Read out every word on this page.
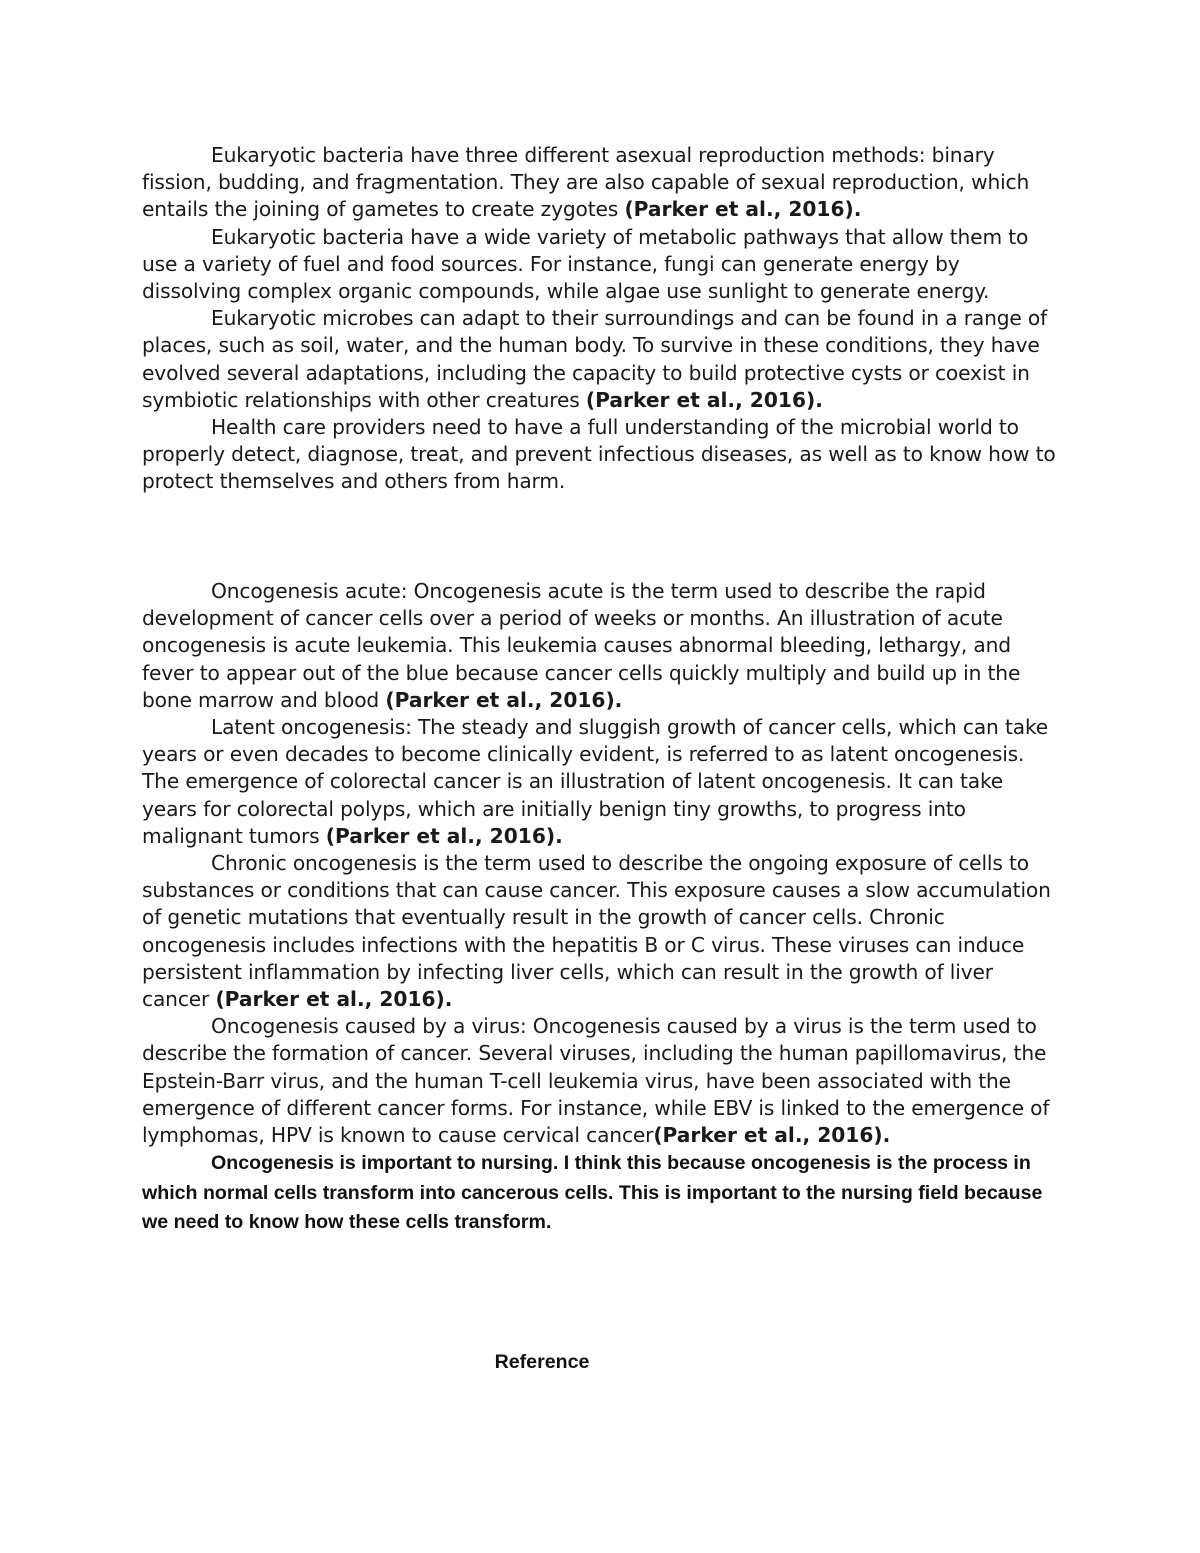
Eukaryotic bacteria have three different asexual reproduction methods: binary fission, budding, and fragmentation. They are also capable of sexual reproduction, which entails the joining of gametes to create zygotes (Parker et al., 2016).

Eukaryotic bacteria have a wide variety of metabolic pathways that allow them to use a variety of fuel and food sources. For instance, fungi can generate energy by dissolving complex organic compounds, while algae use sunlight to generate energy.

Eukaryotic microbes can adapt to their surroundings and can be found in a range of places, such as soil, water, and the human body. To survive in these conditions, they have evolved several adaptations, including the capacity to build protective cysts or coexist in symbiotic relationships with other creatures (Parker et al., 2016).

Health care providers need to have a full understanding of the microbial world to properly detect, diagnose, treat, and prevent infectious diseases, as well as to know how to protect themselves and others from harm.

Oncogenesis acute: Oncogenesis acute is the term used to describe the rapid development of cancer cells over a period of weeks or months. An illustration of acute oncogenesis is acute leukemia. This leukemia causes abnormal bleeding, lethargy, and fever to appear out of the blue because cancer cells quickly multiply and build up in the bone marrow and blood (Parker et al., 2016).

Latent oncogenesis: The steady and sluggish growth of cancer cells, which can take years or even decades to become clinically evident, is referred to as latent oncogenesis. The emergence of colorectal cancer is an illustration of latent oncogenesis. It can take years for colorectal polyps, which are initially benign tiny growths, to progress into malignant tumors (Parker et al., 2016).

Chronic oncogenesis is the term used to describe the ongoing exposure of cells to substances or conditions that can cause cancer. This exposure causes a slow accumulation of genetic mutations that eventually result in the growth of cancer cells. Chronic oncogenesis includes infections with the hepatitis B or C virus. These viruses can induce persistent inflammation by infecting liver cells, which can result in the growth of liver cancer (Parker et al., 2016).

Oncogenesis caused by a virus: Oncogenesis caused by a virus is the term used to describe the formation of cancer. Several viruses, including the human papillomavirus, the Epstein-Barr virus, and the human T-cell leukemia virus, have been associated with the emergence of different cancer forms. For instance, while EBV is linked to the emergence of lymphomas, HPV is known to cause cervical cancer(Parker et al., 2016).

Oncogenesis is important to nursing. I think this because oncogenesis is the process in which normal cells transform into cancerous cells. This is important to the nursing field because we need to know how these cells transform.

Reference
